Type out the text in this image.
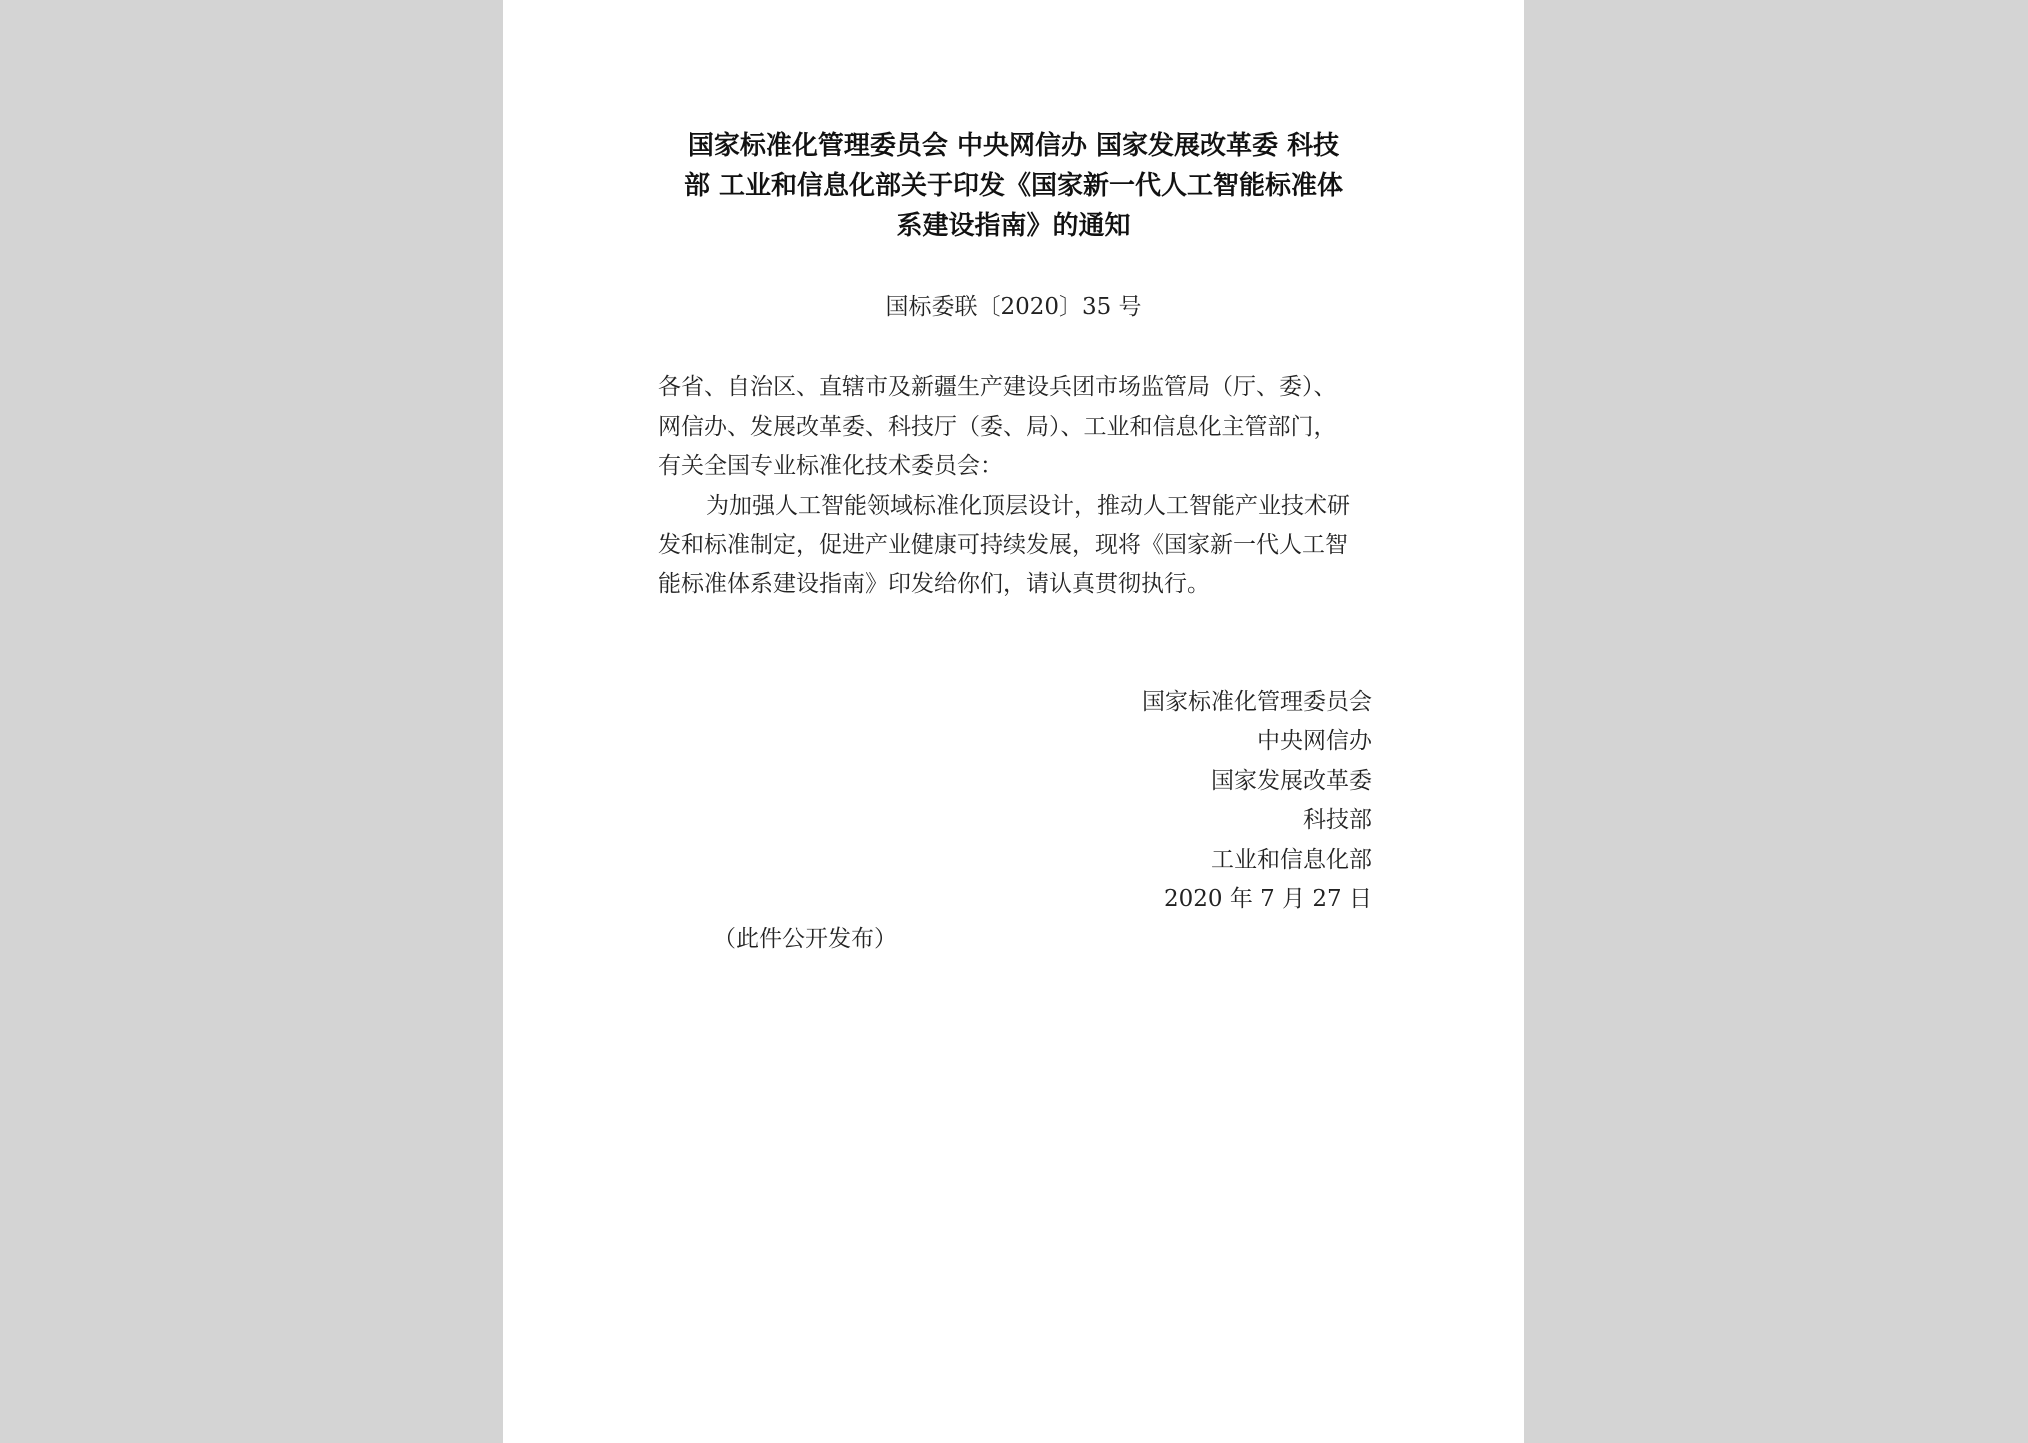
国家标准化管理委员会 中央网信办 国家发展改革委 科技
部 工业和信息化部关于印发《国家新一代人工智能标准体
系建设指南》的通知
国标委联〔2020〕35 号
各省、自治区、直辖市及新疆生产建设兵团市场监管局（厅、委）、
网信办、发展改革委、科技厅（委、局）、工业和信息化主管部门，
有关全国专业标准化技术委员会：
为加强人工智能领域标准化顶层设计，推动人工智能产业技术研
发和标准制定，促进产业健康可持续发展，现将《国家新一代人工智
能标准体系建设指南》印发给你们，请认真贯彻执行。
国家标准化管理委员会
中央网信办
国家发展改革委
科技部
工业和信息化部
2020 年 7 月 27 日
（此件公开发布）
